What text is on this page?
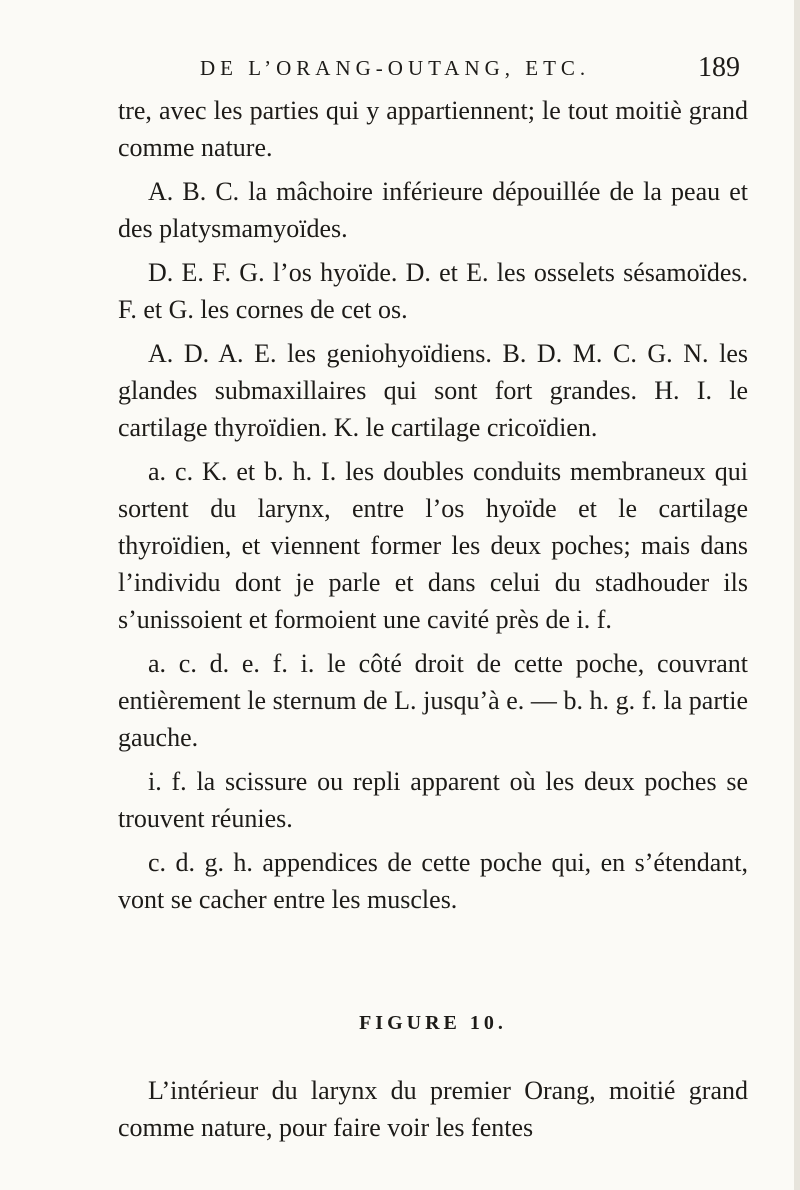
DE L’ORANG-OUTANG, ETC.	189

tre, avec les parties qui y appartiennent; le tout moitiè grand comme nature.

A. B. C. la mâchoire inférieure dépouillée de la peau et des platysmamyoïdes.

D. E. F. G. l’os hyoïde. D. et E. les osselets sésamoïdes. F. et G. les cornes de cet os.

A. D. A. E. les geniohyoïdiens. B. D. M. C. G. N. les glandes submaxillaires qui sont fort grandes. H. I. le cartilage thyroïdien. K. le cartilage cricoïdien.

a. c. K. et b. h. I. les doubles conduits membraneux qui sortent du larynx, entre l’os hyoïde et le cartilage thyroïdien, et viennent former les deux poches; mais dans l’individu dont je parle et dans celui du stadhouder ils s’unissoient et formoient une cavité près de i. f.

a. c. d. e. f. i. le côté droit de cette poche, couvrant entièrement le sternum de L. jusqu’à e. — b. h. g. f. la partie gauche.

i. f. la scissure ou repli apparent où les deux poches se trouvent réunies.

c. d. g. h. appendices de cette poche qui, en s’étendant, vont se cacher entre les muscles.

FIGURE 10.

L’intérieur du larynx du premier Orang, moitié grand comme nature, pour faire voir les fentes
